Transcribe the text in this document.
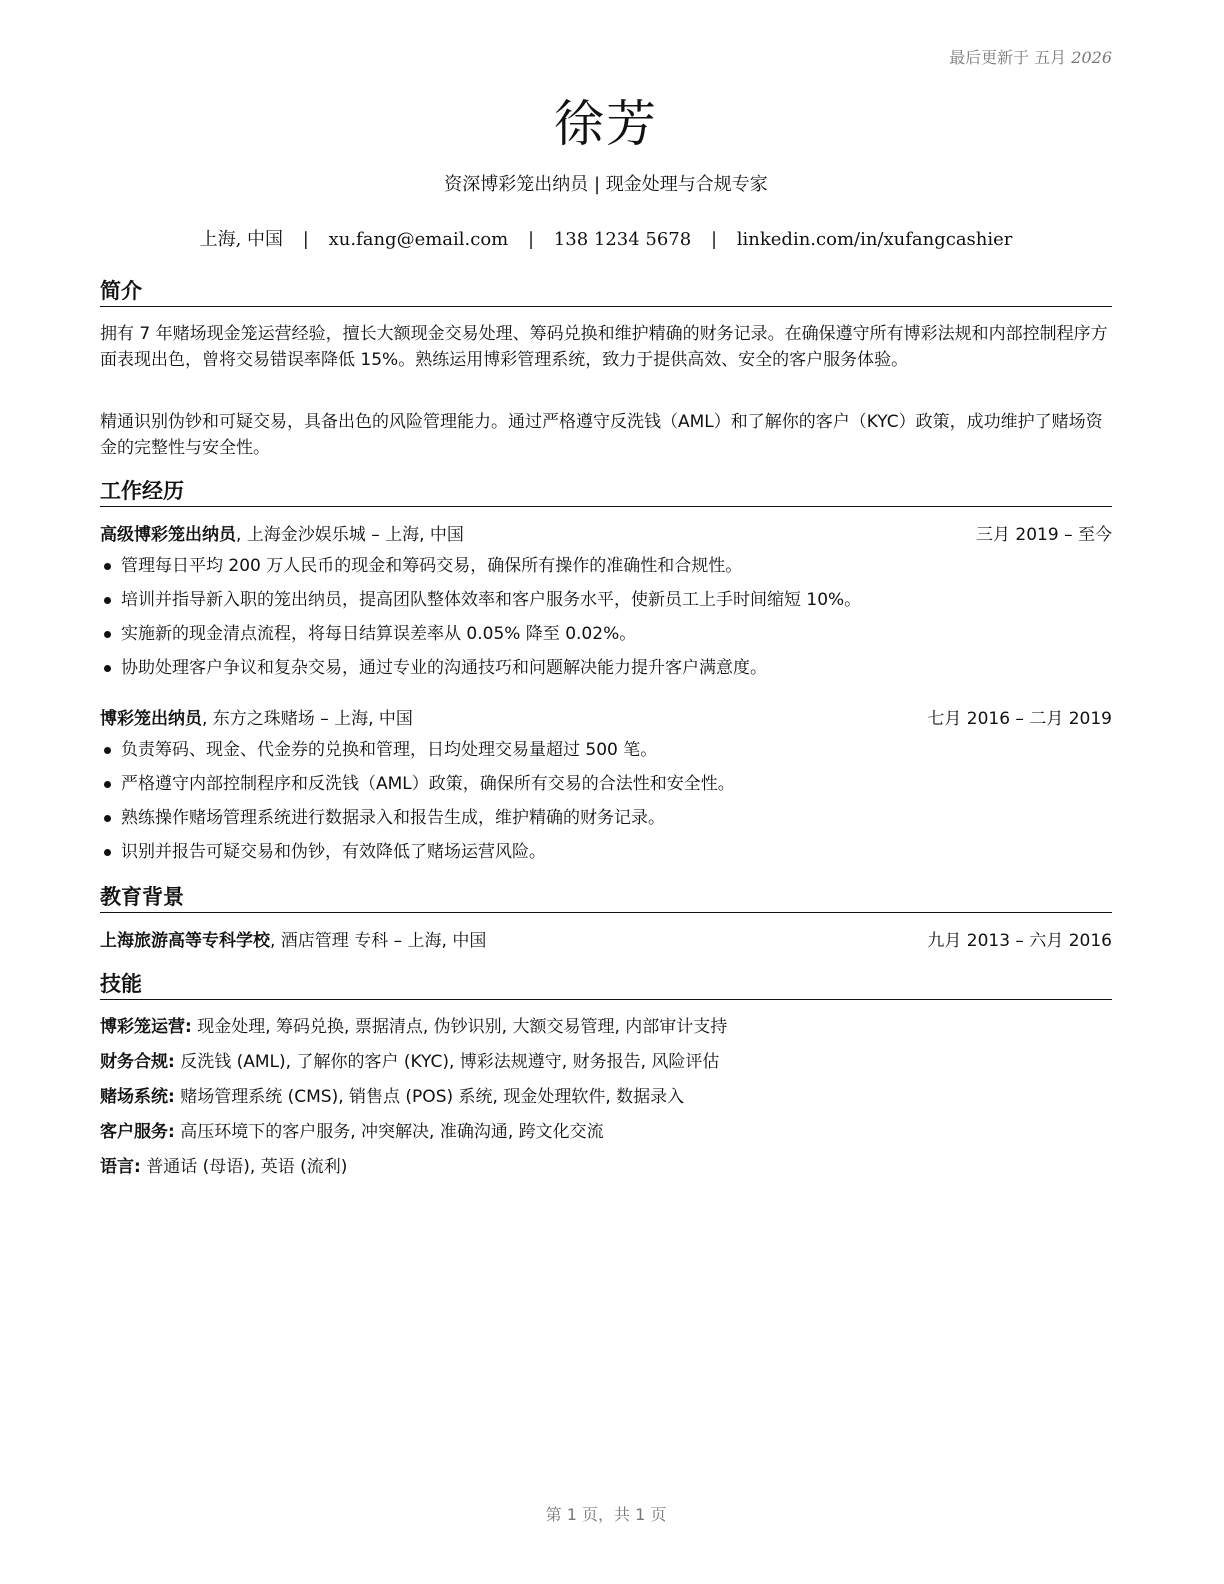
最后更新于 五月 2026
徐芳
资深博彩笼出纳员 | 现金处理与合规专家
上海, 中国 | xu.fang@email.com | 138 1234 5678 | linkedin.com/in/xufangcashier
简介
拥有 7 年赌场现金笼运营经验，擅长大额现金交易处理、筹码兑换和维护精确的财务记录。在确保遵守所有博彩法规和内部控制程序方面表现出色，曾将交易错误率降低 15%。熟练运用博彩管理系统，致力于提供高效、安全的客户服务体验。
精通识别伪钞和可疑交易，具备出色的风险管理能力。通过严格遵守反洗钱（AML）和了解你的客户（KYC）政策，成功维护了赌场资金的完整性与安全性。
工作经历
高级博彩笼出纳员, 上海金沙娱乐城 – 上海, 中国	三月 2019 – 至今
管理每日平均 200 万人民币的现金和筹码交易，确保所有操作的准确性和合规性。
培训并指导新入职的笼出纳员，提高团队整体效率和客户服务水平，使新员工上手时间缩短 10%。
实施新的现金清点流程，将每日结算误差率从 0.05% 降至 0.02%。
协助处理客户争议和复杂交易，通过专业的沟通技巧和问题解决能力提升客户满意度。
博彩笼出纳员, 东方之珠赌场 – 上海, 中国	七月 2016 – 二月 2019
负责筹码、现金、代金券的兑换和管理，日均处理交易量超过 500 笔。
严格遵守内部控制程序和反洗钱（AML）政策，确保所有交易的合法性和安全性。
熟练操作赌场管理系统进行数据录入和报告生成，维护精确的财务记录。
识别并报告可疑交易和伪钞，有效降低了赌场运营风险。
教育背景
上海旅游高等专科学校, 酒店管理 专科 – 上海, 中国	九月 2013 – 六月 2016
技能
博彩笼运营: 现金处理, 筹码兑换, 票据清点, 伪钞识别, 大额交易管理, 内部审计支持
财务合规: 反洗钱 (AML), 了解你的客户 (KYC), 博彩法规遵守, 财务报告, 风险评估
赌场系统: 赌场管理系统 (CMS), 销售点 (POS) 系统, 现金处理软件, 数据录入
客户服务: 高压环境下的客户服务, 冲突解决, 准确沟通, 跨文化交流
语言: 普通话 (母语), 英语 (流利)
第 1 页，共 1 页
